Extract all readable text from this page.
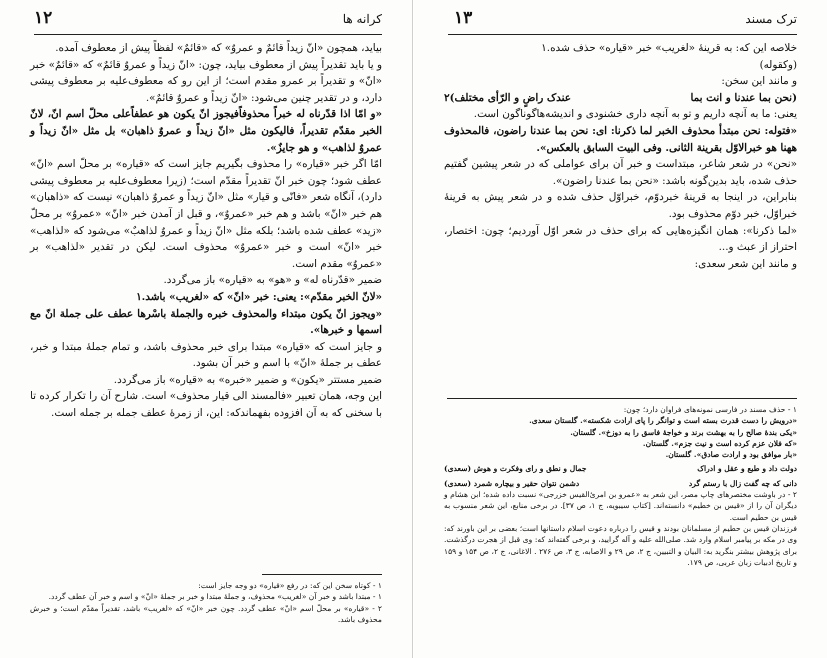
کرانه ها
۱۲

بیاید، همچون «انّ زیداً قائمٌ و عمروٌ» که «قائمٌ» لفظاً پیش از معطوف آمده.

و یا باید تقدیراً پیش از معطوف بیاید، چون: «انّ زیداً و عمروٌ قائمٌ» که «قائمٌ» خبر «انّ» و تقدیراً بر عمرو مقدم است؛ از این رو که معطوف‌علیه بر معطوف پیشی دارد، و در تقدیر چنین می‌شود: «انّ زیداً و عمروٌ قائمٌ».

«و امّا اذا قدّرناه له خبراً محذوفاًفیجوز انّ یکون هو عطفاًعلی محلّ اسم انّ، لانّ الخبر مقدّم تقدیراً، فالیکون مثل «انّ زیداً و عمروٌ ذاهبان» بل مثل «انّ زیداً و عمروٌ لذاهب» و هو جایزٌ».

امّا اگر خبر «قیاره» را محذوف بگیریم جایز است که «قیاره» بر محلّ اسم «انّ» عطف شود؛ چون خبر انّ تقدیراً مقدّم است؛ (زیرا معطوف‌علیه بر معطوف پیشی دارد)، آنگاه شعر «فانّی و قیار» مثل «انّ زیداً و عمروٌ ذاهبان» نیست که «ذاهبان» هم خبر «انّ» باشد و هم خبر «عمروٌ»، و قبل از آمدن خبر «انّ» «عمروٌ» بر محلّ «زید» عطف شده باشد؛ بلکه مثل «انّ زیداً و عمروٌ لذاهبٌ» می‌شود که «لذاهب» خبر «انّ» است و خبر «عمروٌ» محذوف است. لیکن در تقدیر «لذاهب» بر «عمروٌ» مقدم است.

ضمیر «قدّرناه له» و «هو» به «قیاره» باز می‌گردد.

«لانّ الخبر مقدّم»: یعنی: خبر «انّ» که «لغریب» باشد.۱

«ویجوز انّ یکون مبتداء والمحذوف خبره والجملة باسْرها عطف علی جملة انّ مع اسمها و خبرها».

و جایز است که «قیاره» مبتدا برای خبر محذوف باشد، و تمام جملهٔ مبتدا و خبر، عطف بر جملهٔ «انّ» با اسم و خبر آن بشود.

ضمیر مستتر «یکون» و ضمیر «خبره» به «قیاره» باز می‌گردد.

این وجه، همان تعبیر «فالمسند الی قیار محذوف» است. شارح آن را تکرار کرده تا با سخنی که به آن افزوده بفهماندکه: این، از زمرهٔ عطف جمله بر جمله است.

۱ - کوتاه سخن این که: در رفع «قیاره» دو وجه جایز است:

۱ - مبتدا باشد و خبر آن «لغریب» محذوف، و جملهٔ مبتدا و خبر بر جملهٔ «انّ» و اسم و خبر آن عطف گردد.

۲ - «قیاره» بر محلّ اسم «انّ» عطف گردد. چون خبر «انّ» که «لغریب» باشد، تقدیراً مقدّم است؛ و خبرش محذوف باشد.

ترک مسند
۱۳

خلاصه این که: به قرینهٔ «لغریب» خبر «قیاره» حذف شده.۱

(وکقوله)

و مانند این سخن:

(نحن بما عندنا و انت بما
عندک راضٍ و الرّأی مختلف)۲

یعنی: ما به آنچه داریم و تو به آنچه داری خشنودی و اندیشه‌هاگوناگون است.

«فتوله: نحن مبتدأ محذوف الخبر لما ذکرنا: ای: نحن بما عندنا راضون، فالمحذوف ههنا هو خبرالاوّل بقرینة الثانی. وفی البیت السابق بالعکس».

«نحن» در شعر شاعر، مبتداست و خبر آن برای عواملی که در شعر پیشین گفتیم حذف شده، باید بدین‌گونه باشد: «نحن بما عندنا راضون».

بنابراین، در اینجا به قرینهٔ خبردوّم، خبراوّل حذف شده و در شعر پیش به قرینهٔ خبراوّل، خبر دوّم محذوف بود.

«لما ذکرنا»: همان انگیزه‌هایی که برای حذف در شعر اوّل آوردیم؛ چون: اختصار، احتراز از عبث و...

و مانند این شعر سعدی:

۱ - حذف مسند در فارسی نمونه‌های فراوان دارد؛ چون:

«درویش را دست قدرت بسته است و توانگر را پای ارادت شکسته». گلستان سعدی.

«یکی بندهٔ صالح را به بهشت برند و خواجهٔ فاسق را به دوزخ». گلستان.

«که فلان عزم کرده است و نیت جزم». گلستان.

«بار موافق بود و ارادت صادق». گلستان.

دولت داد و طبع و عقل و ادراک
جمال و نطق و رای وفکرت و هوش (سعدی)
دانی که چه گفت زال با رستم گرد
دشمن نتوان حقیر و بیچاره شمرد (سعدی)

۲ - در باوشت مختصرهای چاپ مصر، این شعر به «عمرو بن امرئ‌القیس خزرجی» نسبت داده شده؛ ابن هشام و دیگران آن را از «قیس بن خطیم» دانسته‌اند. [کتاب سیبویه، ج ۱، ص ۳۷]. در برخی منابع، این شعر منسوب به قیس بن حطیم است.

فرزندان قیس بن حطیم از مسلمانان بودند و قیس را درباره دعوت اسلام داستانها است؛ بعضی بر این باورند که: وی در مکه بر پیامبر اسلام وارد شد. صلی‌الله علیه و آله گرایید، و برخی گفته‌اند که: وی قبل از هجرت درگذشت. برای پژوهش بیشتر بنگرید به: البیان و التبیین، ج ۲، ص ۲۹ و الاصابه، ج ۳، ص ۲۷۶ . الاغانی، ج ۲، ص ۱۵۴ و ۱۵۹ و تاریخ ادبیات زبان عربی، ص ۱۷۹.
